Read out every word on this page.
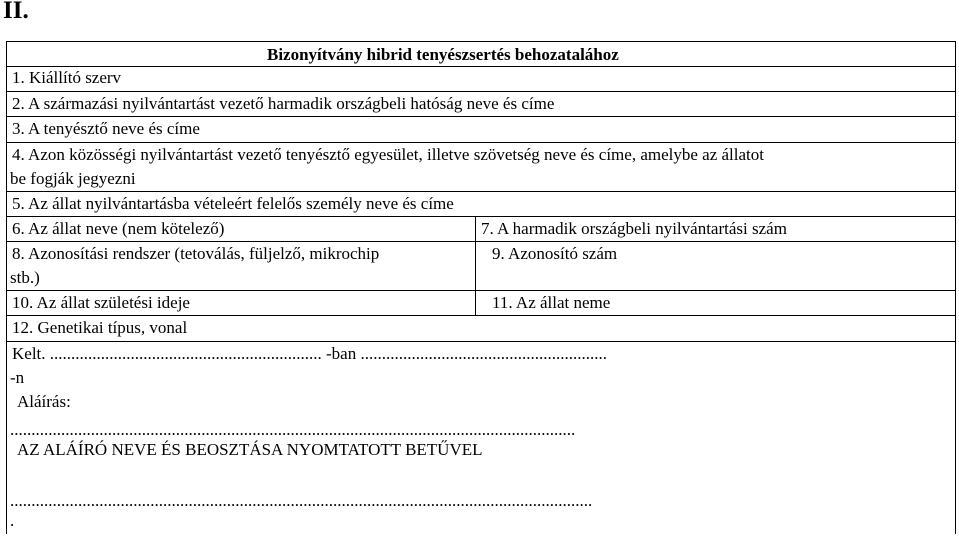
II.
Bizonyítvány hibrid tenyészsertés behozatalához
1. Kiállító szerv
2. A származási nyilvántartást vezető harmadik országbeli hatóság neve és címe
3. A tenyésztő neve és címe
4. Azon közösségi nyilvántartást vezető tenyésztő egyesület, illetve szövetség neve és címe, amelybe az állatot
be fogják jegyezni
5. Az állat nyilvántartásba vételeért felelős személy neve és címe
6. Az állat neve (nem kötelező)	7. A harmadik országbeli nyilvántartási szám
8. Azonosítási rendszer (tetoválás, füljelző, mikrochip
stb.)
9. Azonosító szám
10. Az állat születési ideje	11. Az állat neme
12. Genetikai típus, vonal
Kelt. ................................................................ -ban ..........................................................
-n
Aláírás:
.....................................................................................................................................
AZ ALÁÍRÓ NEVE ÉS BEOSZTÁSA NYOMTATOTT BETŰVEL
.........................................................................................................................................
.
